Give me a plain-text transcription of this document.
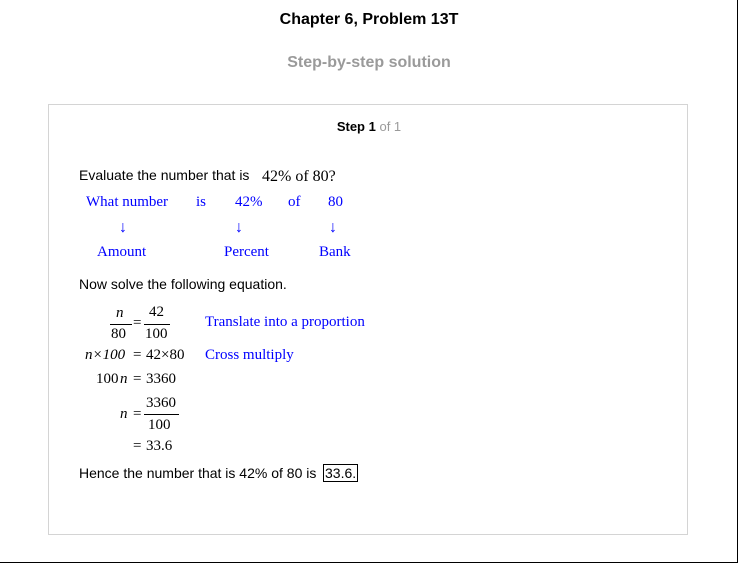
Chapter 6, Problem 13T
Step-by-step solution
Step 1 of 1
Evaluate the number that is 42% of 80?
What number is 42% of 80
↓	↓	↓
Amount	Percent	Bank
Now solve the following equation.
n
80
=
42
100
Translate into a proportion
n×100 = 42×80 Cross multiply
100 n = 3360
n =
3360
100
= 33.6
Hence the number that is 42% of 80 is 33.6.
